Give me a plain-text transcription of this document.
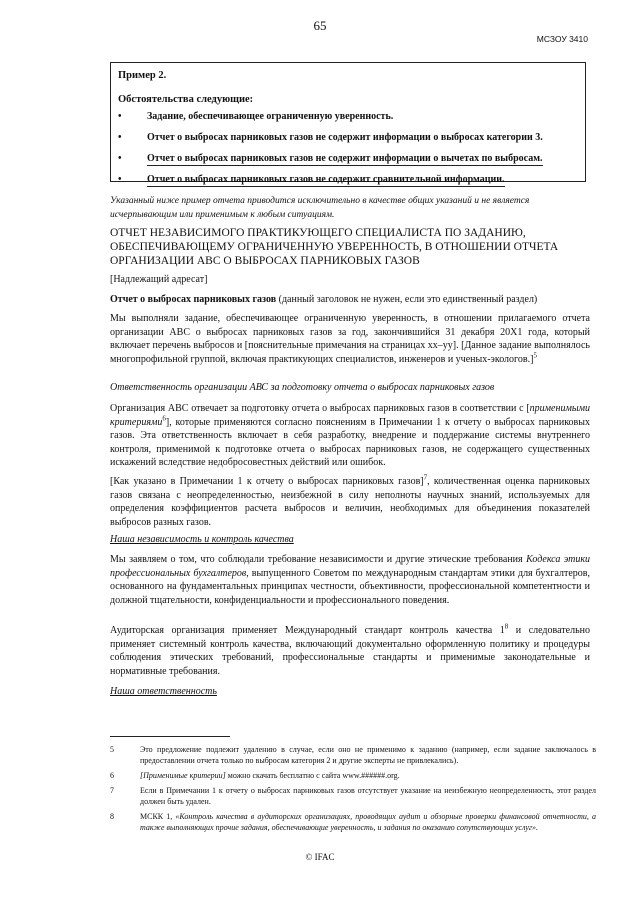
65
МСЗОУ 3410
Пример 2.
Обстоятельства следующие:
•	Задание, обеспечивающее ограниченную уверенность.
•	Отчет о выбросах парниковых газов не содержит информации о выбросах категории 3.
•	Отчет о выбросах парниковых газов не содержит информации о вычетах по выбросам.
•	Отчет о выбросах парниковых газов не содержит сравнительной информации.
Указанный ниже пример отчета приводится исключительно в качестве общих указаний и не является исчерпывающим или применимым к любым ситуациям.
ОТЧЕТ НЕЗАВИСИМОГО ПРАКТИКУЮЩЕГО СПЕЦИАЛИСТА ПО ЗАДАНИЮ, ОБЕСПЕЧИВАЮЩЕМУ ОГРАНИЧЕННУЮ УВЕРЕННОСТЬ, В ОТНОШЕНИИ ОТЧЕТА ОРГАНИЗАЦИИ АВС О ВЫБРОСАХ ПАРНИКОВЫХ ГАЗОВ
[Надлежащий адресат]
Отчет о выбросах парниковых газов (данный заголовок не нужен, если это единственный раздел)
Мы выполняли задание, обеспечивающее ограниченную уверенность, в отношении прилагаемого отчета организации АВС о выбросах парниковых газов за год, закончившийся 31 декабря 20Х1 года, который включает перечень выбросов и [пояснительные примечания на страницах хх–уу]. [Данное задание выполнялось многопрофильной группой, включая практикующих специалистов, инженеров и ученых-экологов.]$^5$
Ответственность организации АВС за подготовку отчета о выбросах парниковых газов
Организация АВС отвечает за подготовку отчета о выбросах парниковых газов в соответствии с [применимыми критериями$^6$], которые применяются согласно пояснениям в Примечании 1 к отчету о выбросах парниковых газов. Эта ответственность включает в себя разработку, внедрение и поддержание системы внутреннего контроля, применимой к подготовке отчета о выбросах парниковых газов, не содержащего существенных искажений вследствие недобросовестных действий или ошибок.
[Как указано в Примечании 1 к отчету о выбросах парниковых газов]$^7$, количественная оценка парниковых газов связана с неопределенностью, неизбежной в силу неполноты научных знаний, используемых для определения коэффициентов расчета выбросов и величин, необходимых для объединения показателей выбросов разных газов.
Наша независимость и контроль качества
Мы заявляем о том, что соблюдали требование независимости и другие этические требования Кодекса этики профессиональных бухгалтеров, выпущенного Советом по международным стандартам этики для бухгалтеров, основанного на фундаментальных принципах честности, объективности, профессиональной компетентности и должной тщательности, конфиденциальности и профессионального поведения.
Аудиторская организация применяет Международный стандарт контроль качества $1^8$ и следовательно применяет системный контроль качества, включающий документально оформленную политику и процедуры соблюдения этических требований, профессиональные стандарты и применимые законодательные и нормативные требования.
Наша ответственность
5	Это предложение подлежит удалению в случае, если оно не применимо к заданию (например, если задание заключалось в предоставлении отчета только по выбросам категория 2 и другие эксперты не привлекались).
6	[Применимые критерии] можно скачать бесплатно с сайта www.######.org.
7	Если в Примечании 1 к отчету о выбросах парниковых газов отсутствует указание на неизбежную неопределенность, этот раздел должен быть удален.
8	МСКК 1, «Контроль качества в аудиторских организациях, проводящих аудит и обзорные проверки финансовой отчетности, а также выполняющих прочие задания, обеспечивающие уверенность, и задания по оказанию сопутствующих услуг».
© IFAC
